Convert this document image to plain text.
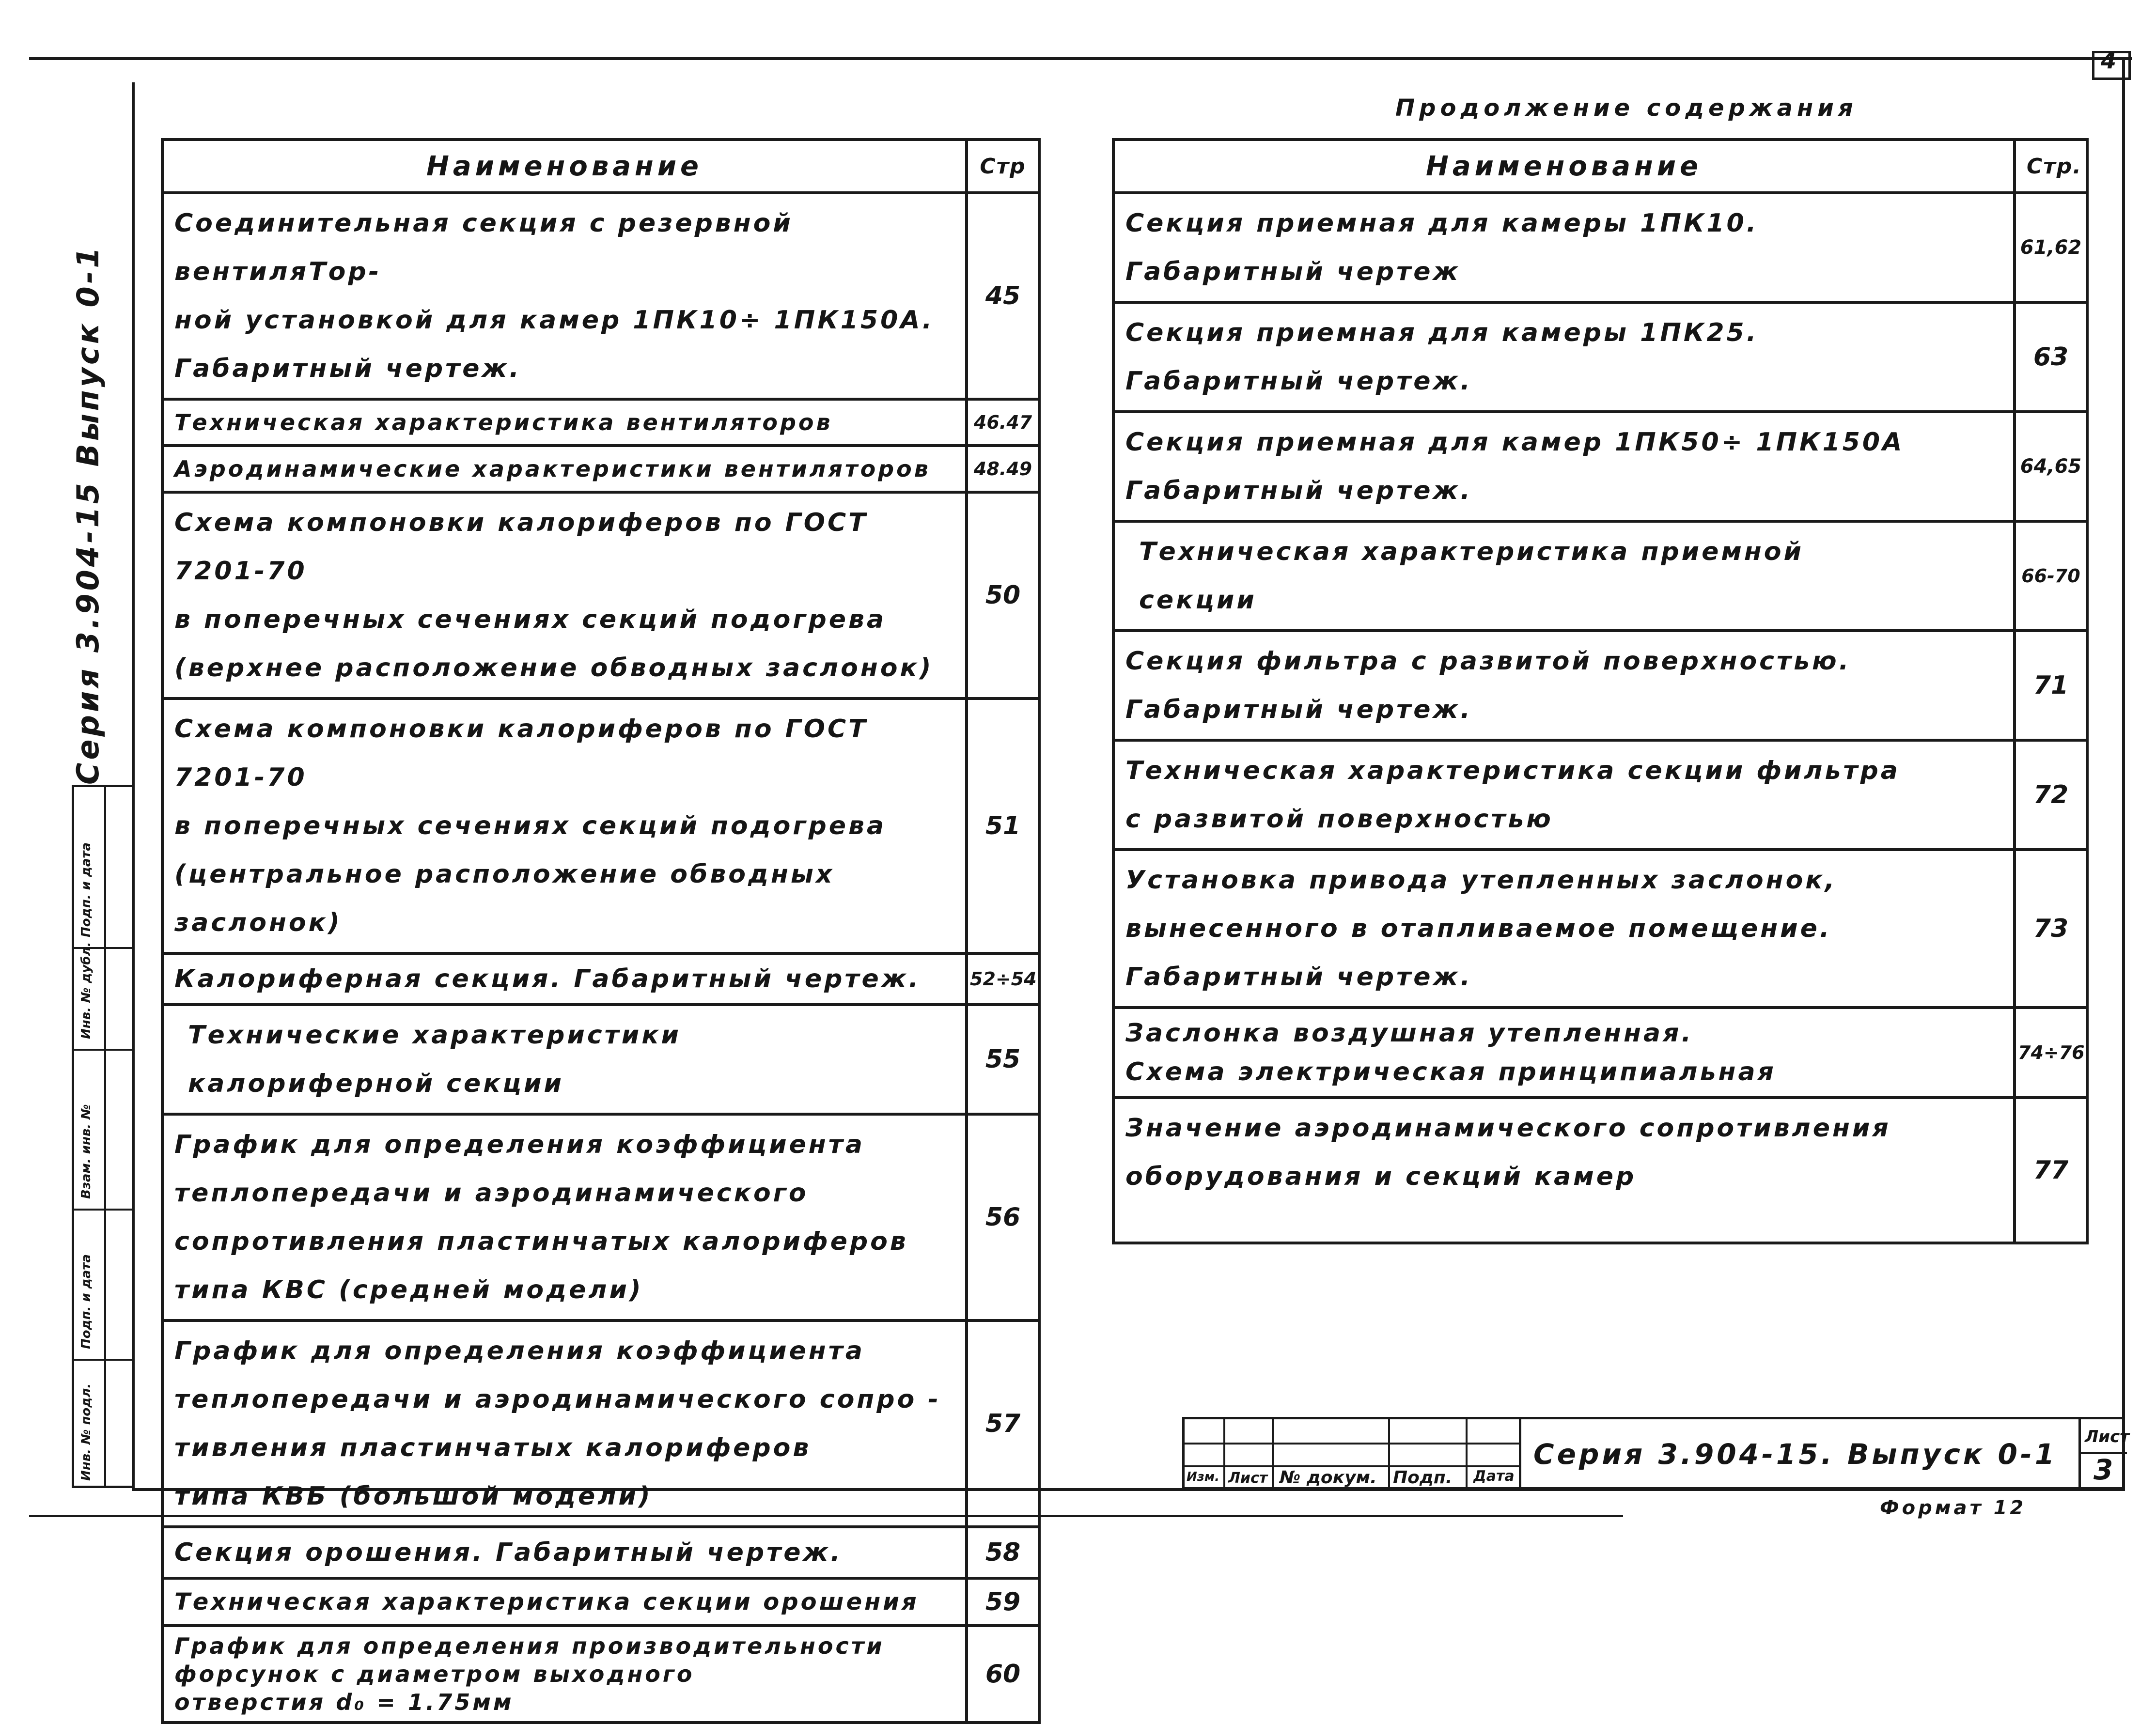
4
Продолжение содержания
Серия 3.904-15 Выпуск 0-1
Подп. и дата
Инв. № дубл.
Взам. инв. №
Подп. и дата
Инв. № подл.
Наименование	Стр
Соединительная секция с резервной вентиляТор-
ной установкой для камер 1ПК10÷ 1ПК150А.
Габаритный чертеж.	45
Техническая характеристика вентиляторов	46.47
Аэродинамические характеристики вентиляторов	48.49
Схема компоновки калориферов по ГОСТ 7201-70
в поперечных сечениях секций подогрева
(верхнее расположение обводных заслонок)	50
Схема компоновки калориферов по ГОСТ 7201-70
в поперечных сечениях секций подогрева
(центральное расположение обводных заслонок)	51
Калориферная секция. Габаритный чертеж.	52÷54
Технические характеристики
калориферной секции	55
График для определения коэффициента
теплопередачи и аэродинамического
сопротивления пластинчатых калориферов
типа КВС (средней модели)	56
График для определения коэффициента
теплопередачи и аэродинамического сопро -
тивления пластинчатых калориферов
типа КВБ (большой модели)	57
Секция орошения. Габаритный чертеж.	58
Техническая характеристика секции орошения	59
График для определения производительности
форсунок с диаметром выходного
отверстия d₀ = 1.75мм	60
Наименование	Стр.
Секция приемная для камеры 1ПК10.
Габаритный чертеж	61,62
Секция приемная для камеры 1ПК25.
Габаритный чертеж.	63
Секция приемная для камер 1ПК50÷ 1ПК150А
Габаритный чертеж.	64,65
Техническая характеристика приемной
секции	66-70
Секция фильтра с развитой поверхностью.
Габаритный чертеж.	71
Техническая характеристика секции фильтра
с развитой поверхностью	72
Установка привода утепленных заслонок,
вынесенного в отапливаемое помещение.
Габаритный чертеж.	73
Заслонка воздушная утепленная.
Схема электрическая принципиальная	74÷76
Значение аэродинамического сопротивления
оборудования и секций камер	77
Изм. Лист № докум. Подп. Дата
Серия 3.904-15. Выпуск 0-1
Лист
3
Формат 12
